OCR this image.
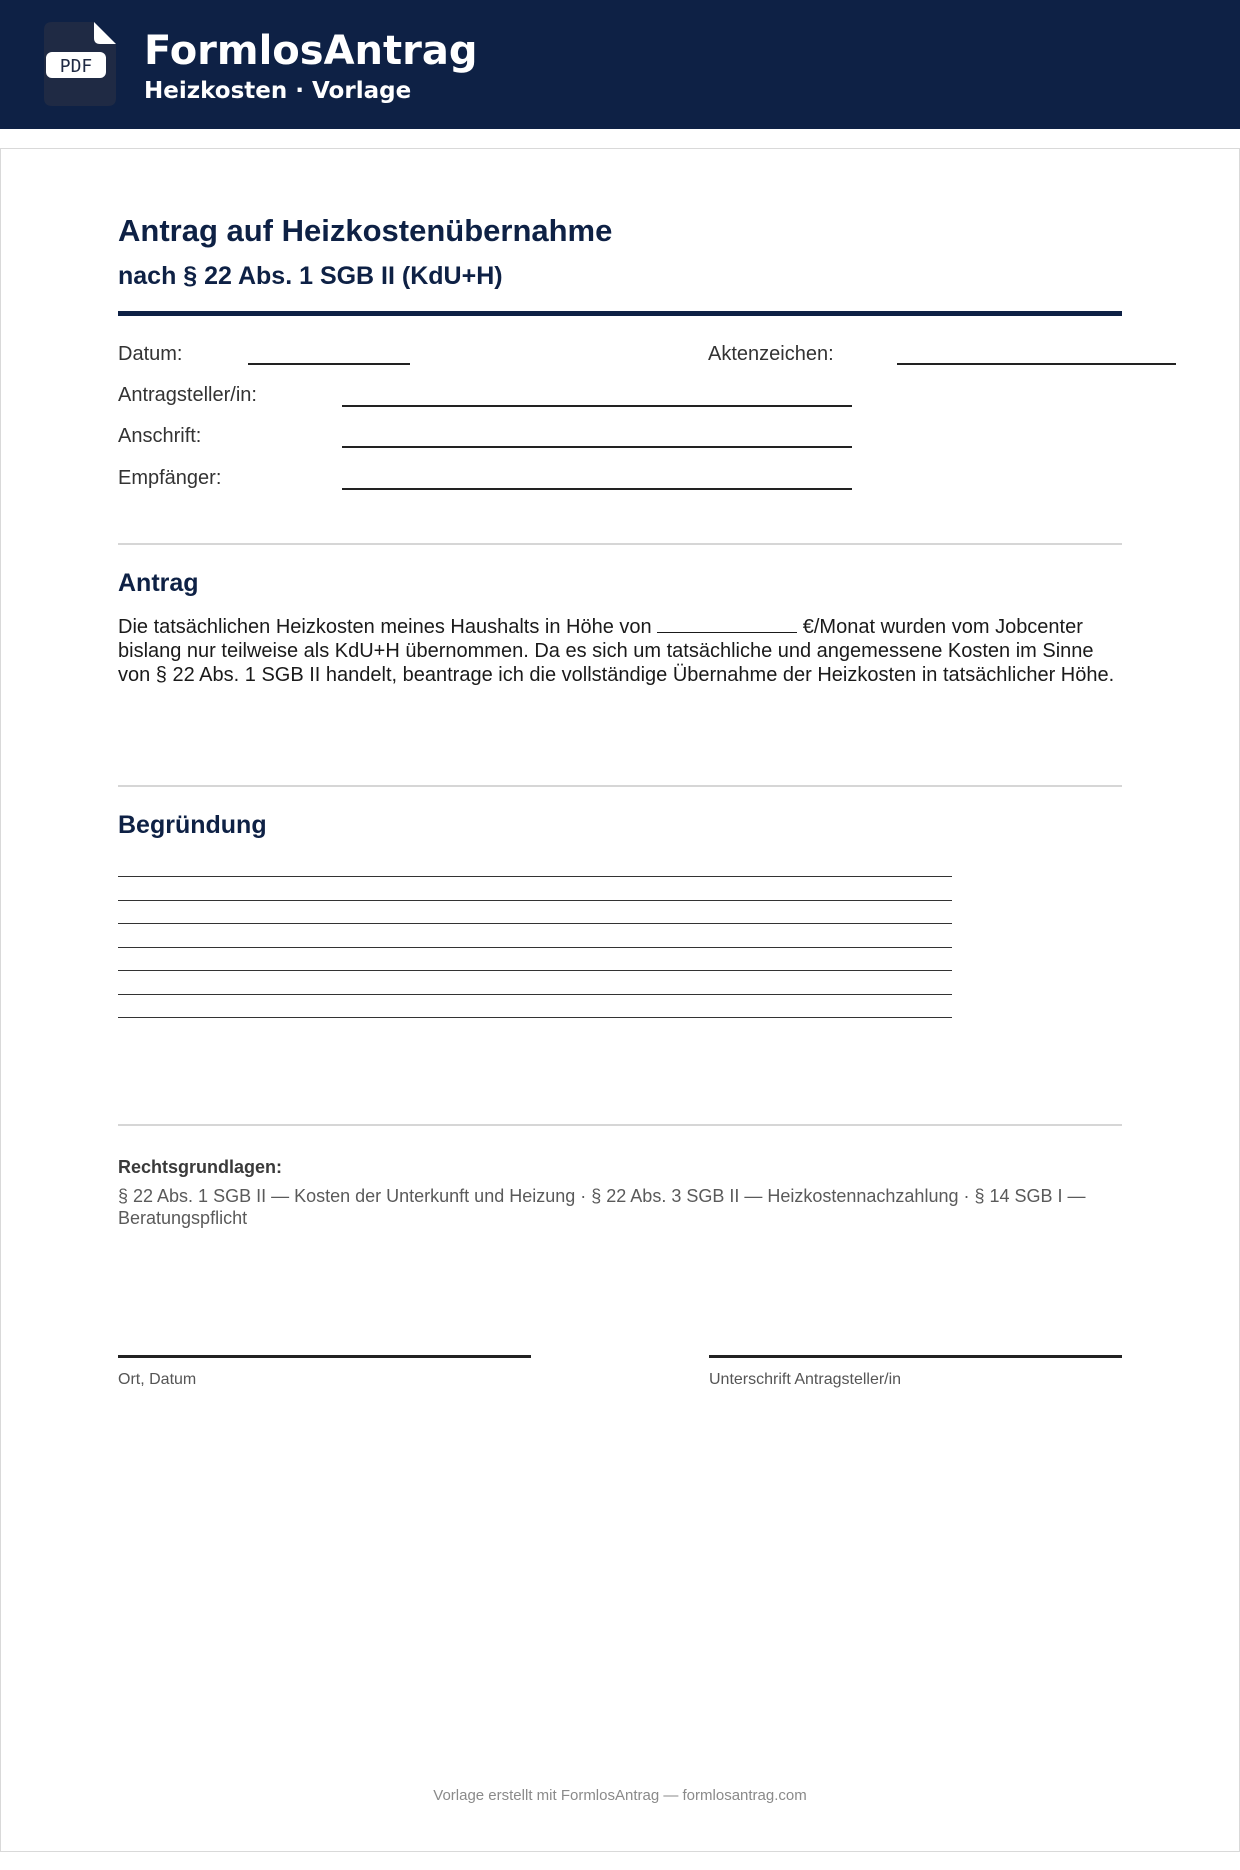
PDF FormlosAntrag
Heizkosten · Vorlage
Antrag auf Heizkostenübernahme
nach § 22 Abs. 1 SGB II (KdU+H)
Datum:	Aktenzeichen:
Antragsteller/in:
Anschrift:
Empfänger:
Antrag
Die tatsächlichen Heizkosten meines Haushalts in Höhe von	€/Monat wurden vom Jobcenter bislang nur teilweise als KdU+H übernommen. Da es sich um tatsächliche und angemessene Kosten im Sinne von § 22 Abs. 1 SGB II handelt, beantrage ich die vollständige Übernahme der Heizkosten in tatsächlicher Höhe.
Begründung
Rechtsgrundlagen:
§ 22 Abs. 1 SGB II — Kosten der Unterkunft und Heizung · § 22 Abs. 3 SGB II — Heizkostennachzahlung · § 14 SGB I — Beratungspflicht
Ort, Datum	Unterschrift Antragsteller/in
Vorlage erstellt mit FormlosAntrag — formlosantrag.com
